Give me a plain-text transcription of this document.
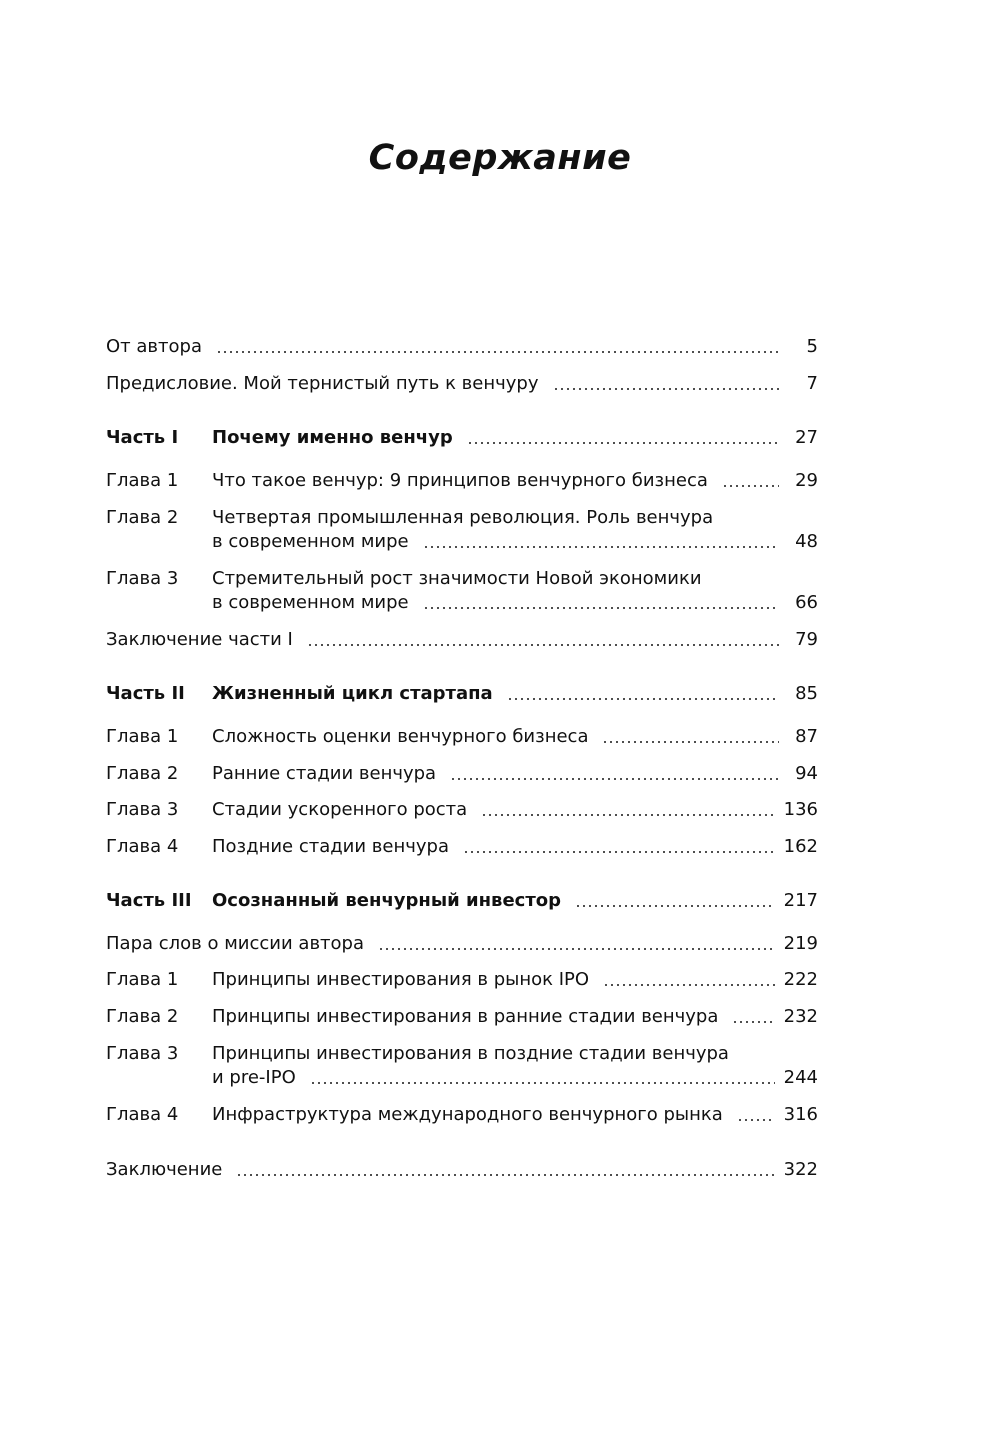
Содержание
От автора	5
Предисловие. Мой тернистый путь к венчуру	7
Часть I Почему именно венчур	27
Глава 1 Что такое венчур: 9 принципов венчурного бизнеса	29
Глава 2 Четвертая промышленная революция. Роль венчура
в современном мире	48
Глава 3 Стремительный рост значимости Новой экономики
в современном мире	66
Заключение части I	79
Часть II Жизненный цикл стартапа	85
Глава 1 Сложность оценки венчурного бизнеса	87
Глава 2 Ранние стадии венчура	94
Глава 3 Стадии ускоренного роста	136
Глава 4 Поздние стадии венчура	162
Часть III Осознанный венчурный инвестор	217
Пара слов о миссии автора	219
Глава 1 Принципы инвестирования в рынок IPO	222
Глава 2 Принципы инвестирования в ранние стадии венчура	232
Глава 3 Принципы инвестирования в поздние стадии венчура
и pre-IPO	244
Глава 4 Инфраструктура международного венчурного рынка	316
Заключение	322
